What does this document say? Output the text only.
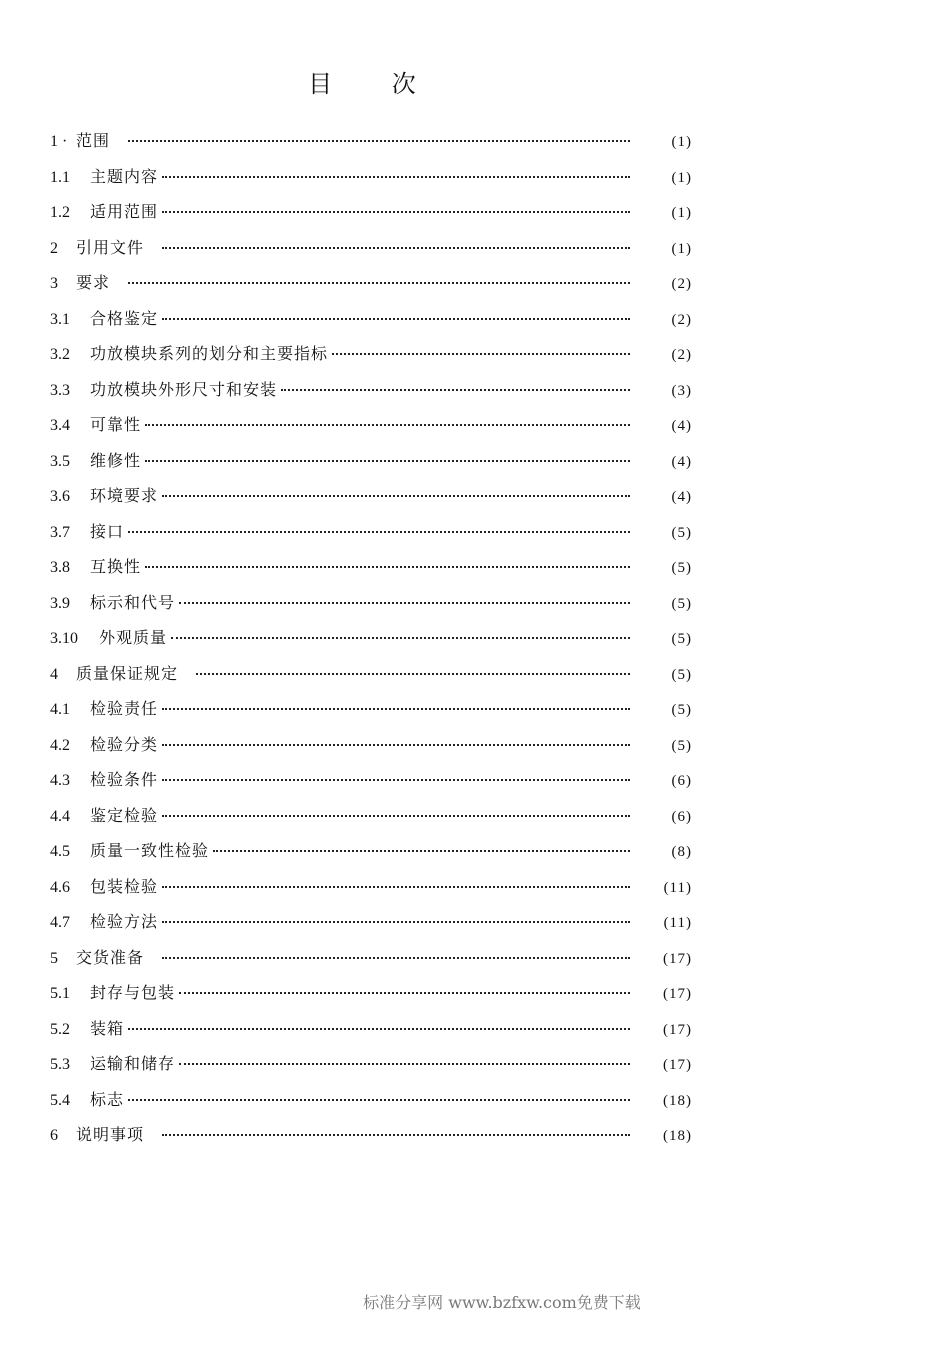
目 次
1 · 范围	(1)
1.1	主题内容	(1)
1.2	适用范围	(1)
2	引用文件	(1)
3	要求	(2)
3.1	合格鉴定	(2)
3.2	功放模块系列的划分和主要指标	(2)
3.3	功放模块外形尺寸和安装	(3)
3.4	可靠性	(4)
3.5	维修性	(4)
3.6	环境要求	(4)
3.7	接口	(5)
3.8	互换性	(5)
3.9	标示和代号	(5)
3.10	外观质量	(5)
4	质量保证规定	(5)
4.1	检验责任	(5)
4.2	检验分类	(5)
4.3	检验条件	(6)
4.4	鉴定检验	(6)
4.5	质量一致性检验	(8)
4.6	包装检验	(11)
4.7	检验方法	(11)
5	交货准备	(17)
5.1	封存与包装	(17)
5.2	装箱	(17)
5.3	运输和储存	(17)
5.4	标志	(18)
6	说明事项	(18)
标准分享网 www.bzfxw.com免费下载
